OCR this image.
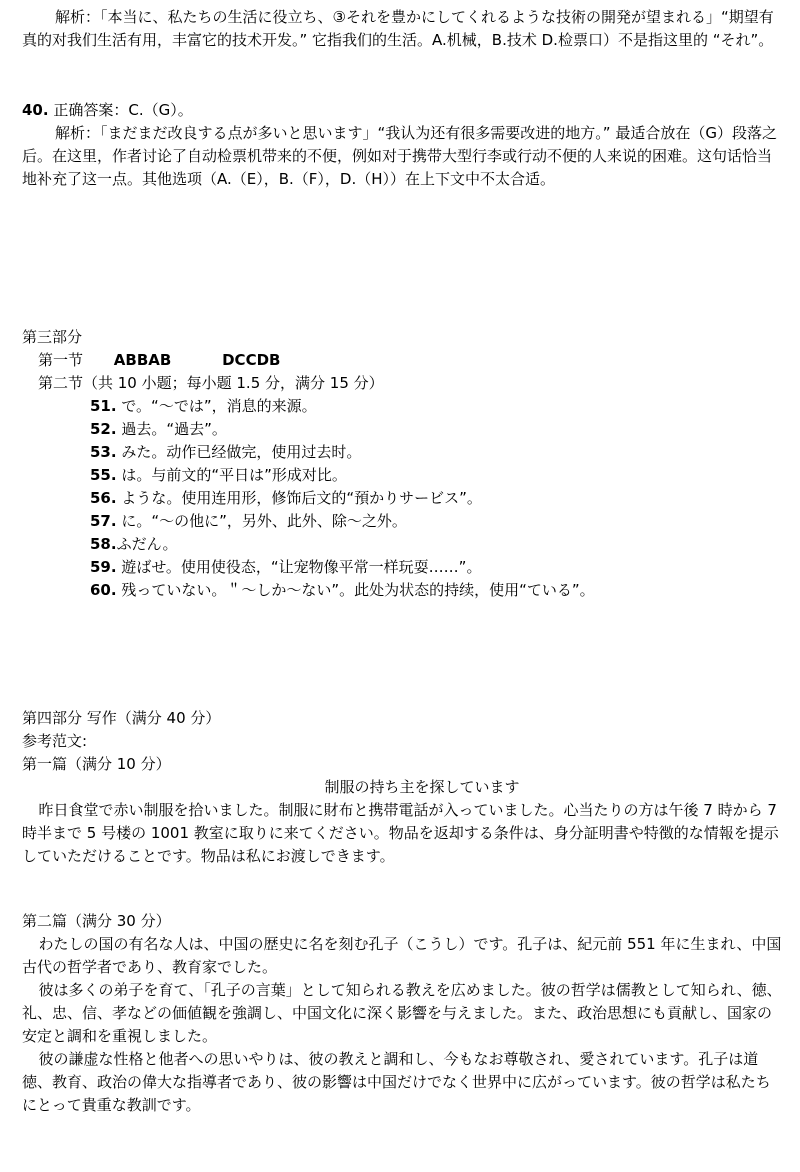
解析：「本当に、私たちの生活に役立ち、③それを豊かにしてくれるような技術の開発が望まれる」“期望有真的对我们生活有用，丰富它的技术开发。” 它指我们的生活。A.机械，B.技术 D.检票口）不是指这里的 “それ”。

40. 正确答案：C.（G）。

解析：「まだまだ改良する点が多いと思います」“我认为还有很多需要改进的地方。” 最适合放在（G）段落之后。在这里，作者讨论了自动检票机带来的不便，例如对于携带大型行李或行动不便的人来说的困难。这句话恰当地补充了这一点。其他选项（A.（E），B.（F），D.（H））在上下文中不太合适。

第三部分

第一节 ABBAB	DCCDB

第二节（共 10 小题；每小题 1.5 分，满分 15 分）

51. で。“～では”，消息的来源。

52. 過去。“過去”。

53. みた。动作已经做完，使用过去时。

55. は。与前文的“平日は”形成对比。

56. ような。使用连用形，修饰后文的“預かりサービス”。

57. に。“～の他に”，另外、此外、除～之外。

58.ふだん。

59. 遊ばせ。使用使役态，“让宠物像平常一样玩耍……”。

60. 残っていない。＂～しか～ない”。此处为状态的持续，使用“ている”。

第四部分 写作（满分 40 分）

参考范文:

第一篇（满分 10 分）

制服の持ち主を探しています

昨日食堂で赤い制服を拾いました。制服に財布と携帯電話が入っていました。心当たりの方は午後 7 時から 7 時半まで 5 号楼の 1001 教室に取りに来てください。物品を返却する条件は、身分証明書や特徴的な情報を提示していただけることです。物品は私にお渡しできます。

第二篇（满分 30 分）

わたしの国の有名な人は、中国の歴史に名を刻む孔子（こうし）です。孔子は、紀元前 551 年に生まれ、中国古代の哲学者であり、教育家でした。

彼は多くの弟子を育て、「孔子の言葉」として知られる教えを広めました。彼の哲学は儒教として知られ、徳、礼、忠、信、孝などの価値観を強調し、中国文化に深く影響を与えました。また、政治思想にも貢献し、国家の安定と調和を重視しました。

彼の謙虚な性格と他者への思いやりは、彼の教えと調和し、今もなお尊敬され、愛されています。孔子は道徳、教育、政治の偉大な指導者であり、彼の影響は中国だけでなく世界中に広がっています。彼の哲学は私たちにとって貴重な教訓です。
